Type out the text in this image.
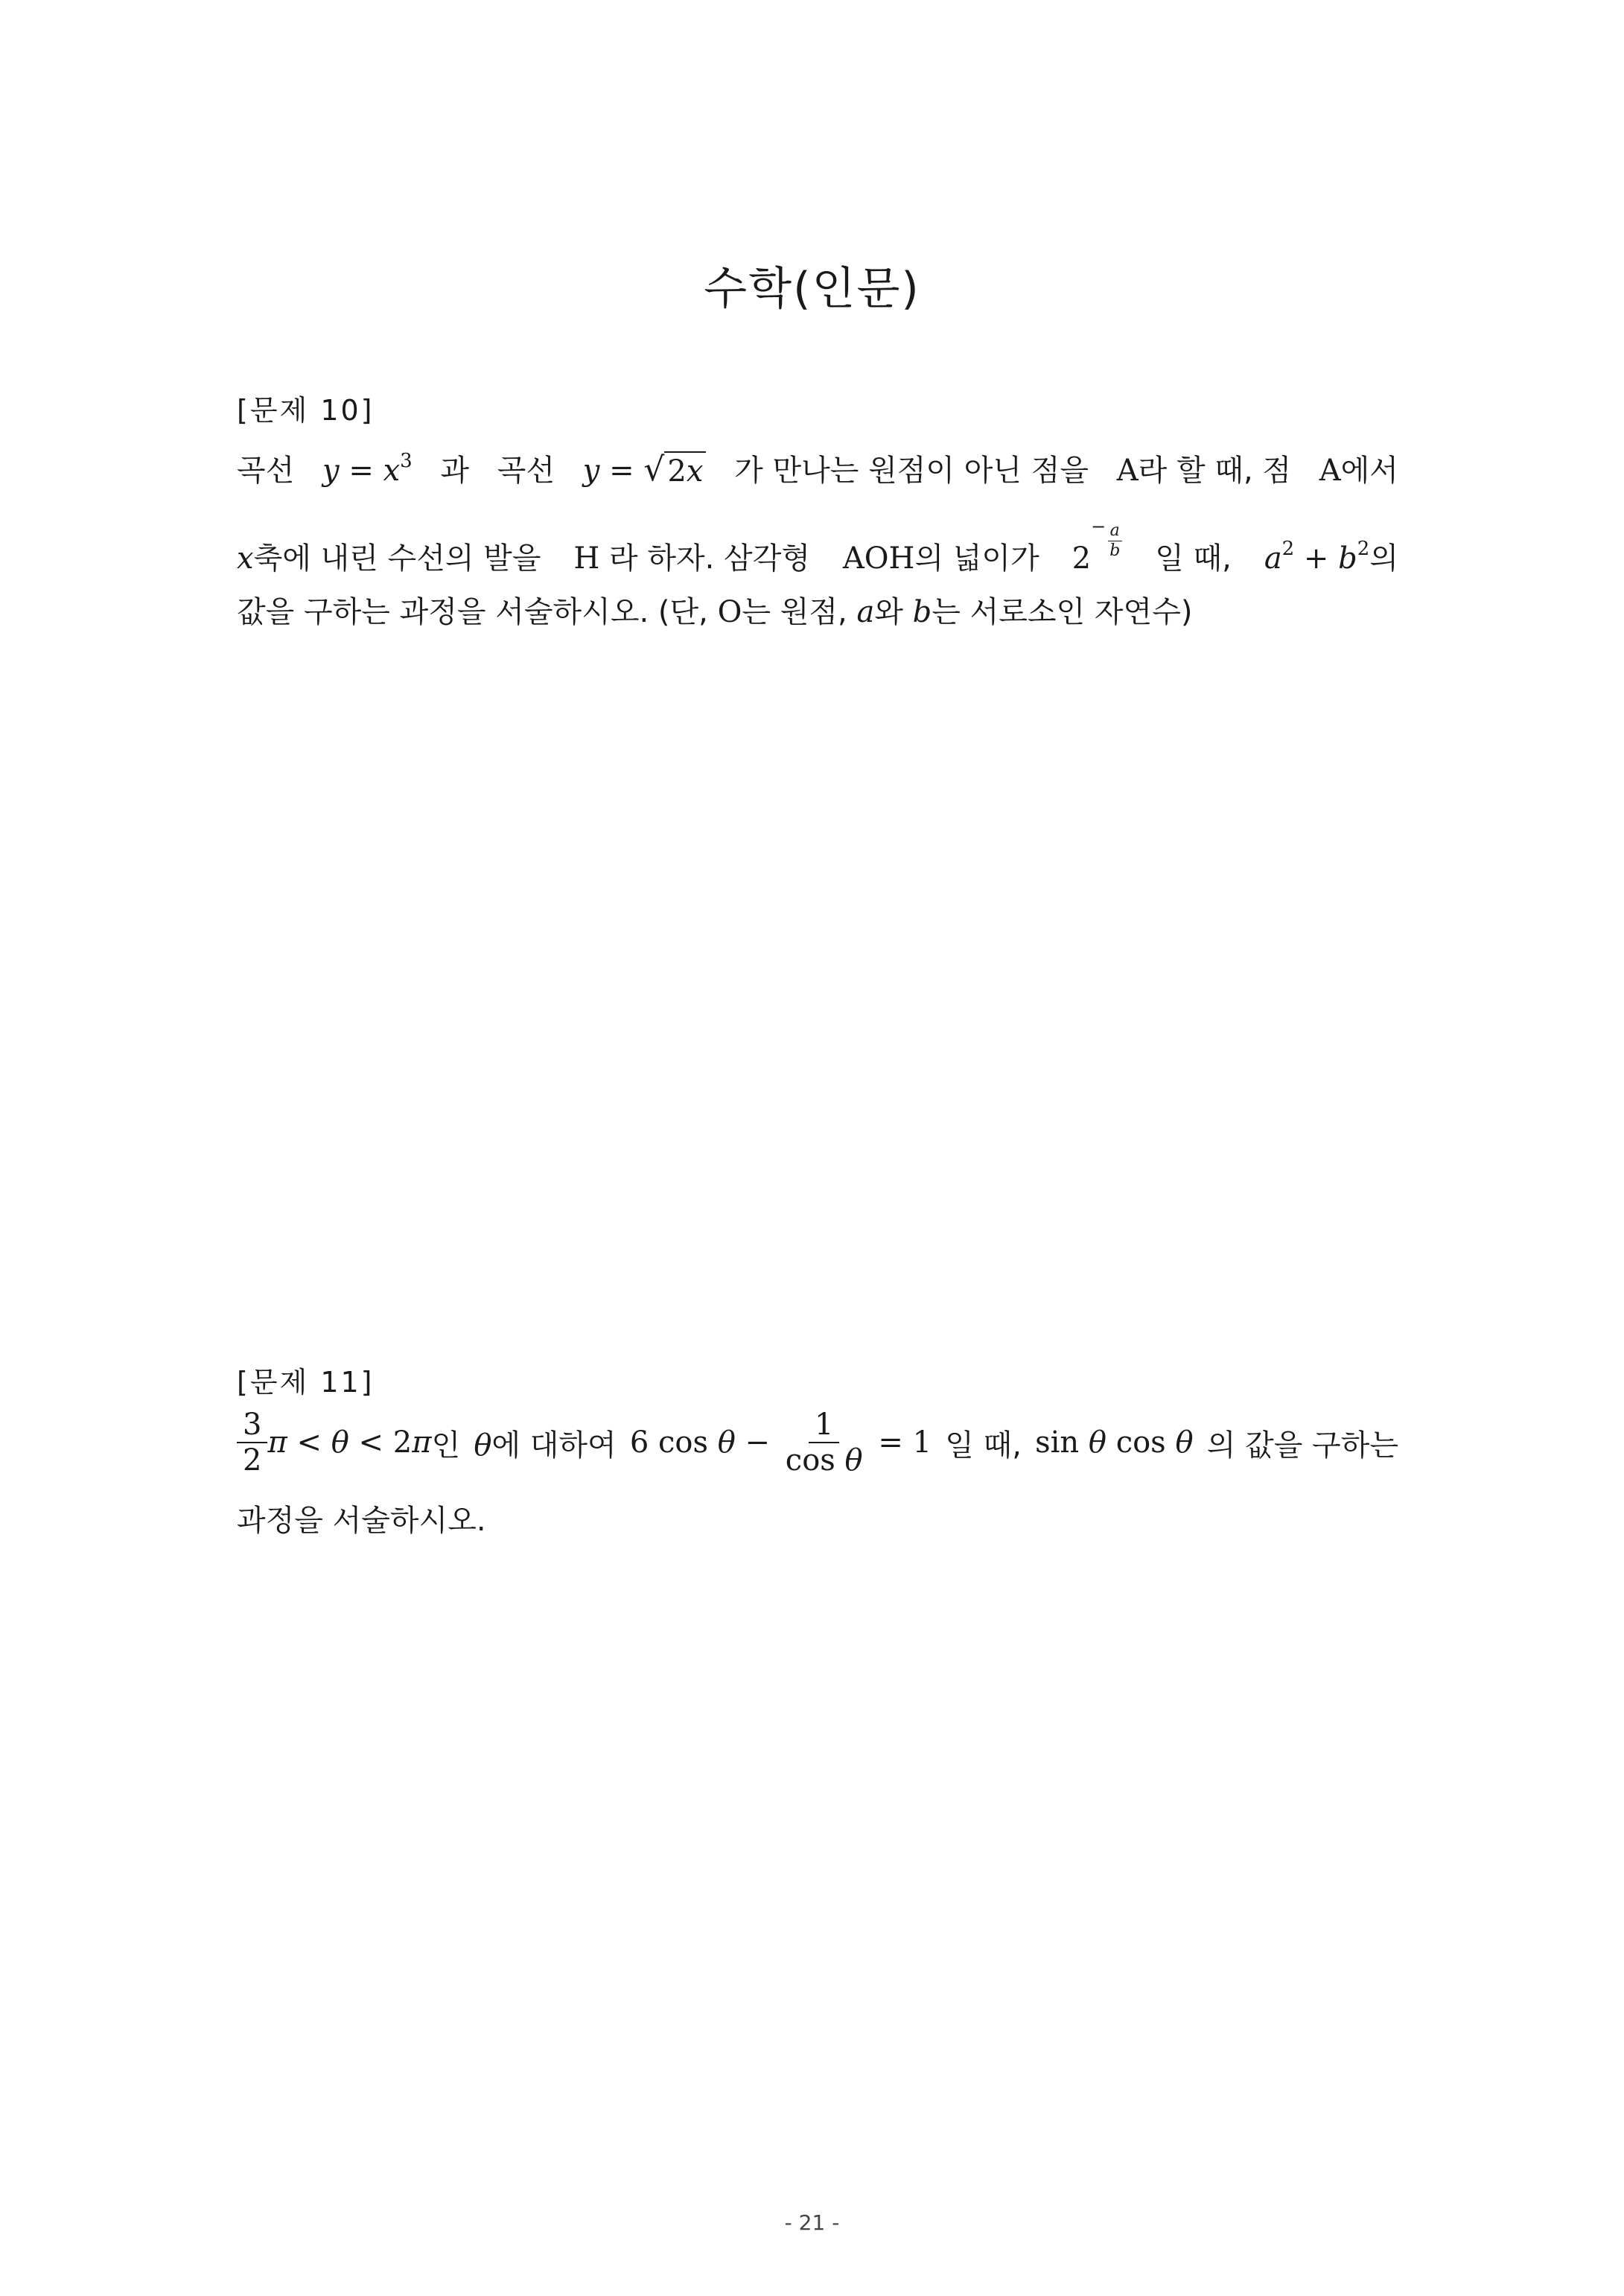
수학(인문)
[문제 10]
곡선 $y = x^3$ 과 곡선 y = √ 2x 가 만나는 원점이 아닌 점을 A라 할 때, 점 A에서
x축에 내린 수선의 발을 H 라 하자. 삼각형 AOH의 넓이가 $2^- \frac{a}{b}$ 일 때, $a^2 + b^2$의
값을 구하는 과정을 서술하시오. (단,
O 는 원점,
a 와
b 는 서로소인 자연수)
[문제 11]
$\frac{3}{2}$ π < θ < 2 π 인 θ에 대하여 6 $\cos \theta - \frac{1}{\text{cos θ}} = 1$ 일 때, sin θ cos θ 의 값을 구하는
과정을 서술하시오.
- 21 -
